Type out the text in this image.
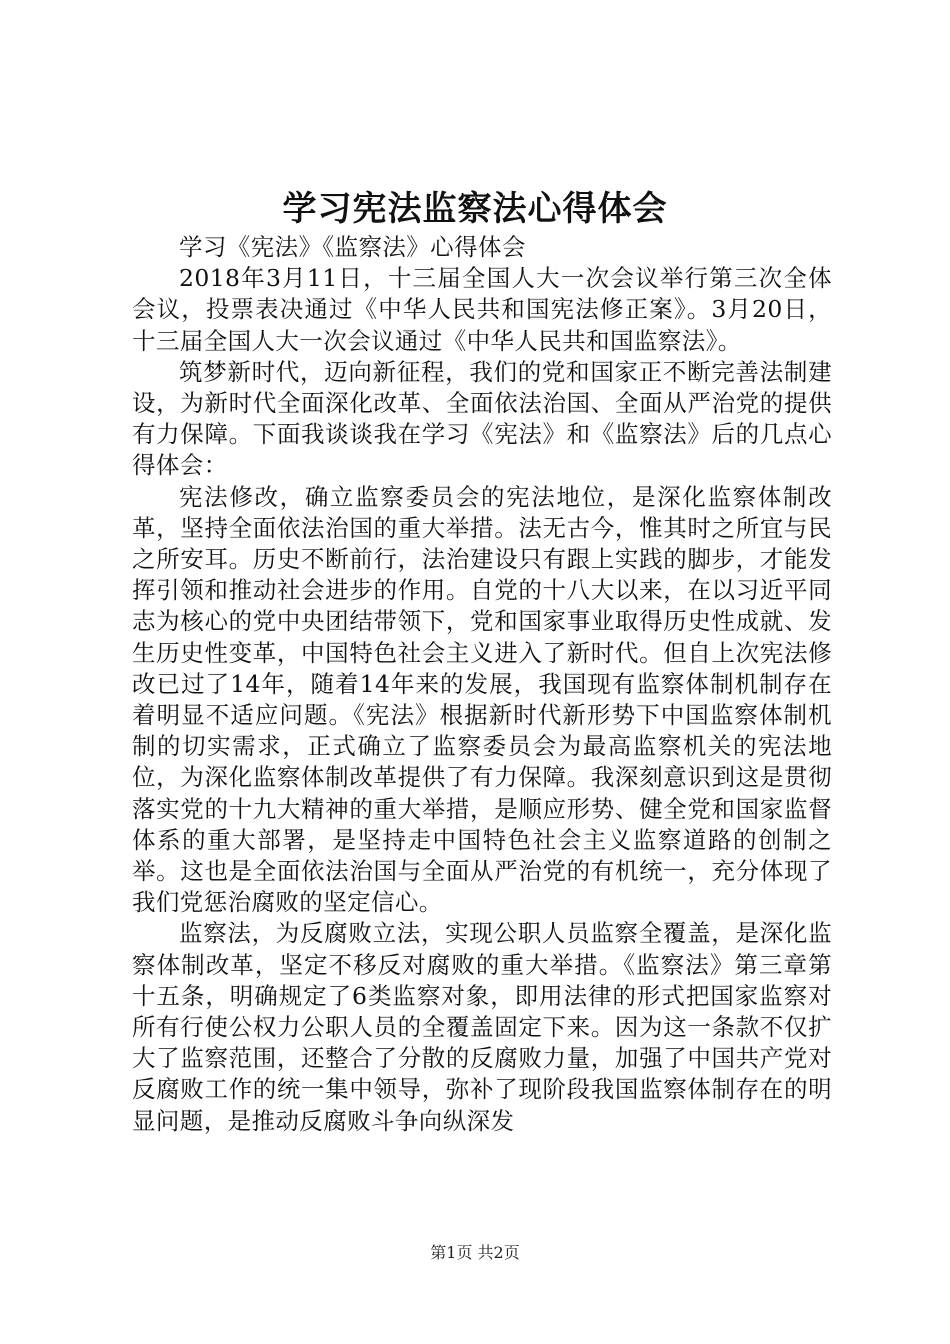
学习宪法监察法心得体会

学习《宪法》《监察法》心得体会

2018年3月11日，十三届全国人大一次会议举行第三次全体会议，投票表决通过《中华人民共和国宪法修正案》。3月20日，十三届全国人大一次会议通过《中华人民共和国监察法》。

筑梦新时代，迈向新征程，我们的党和国家正不断完善法制建设，为新时代全面深化改革、全面依法治国、全面从严治党的提供有力保障。下面我谈谈我在学习《宪法》和《监察法》后的几点心得体会：

宪法修改，确立监察委员会的宪法地位，是深化监察体制改革，坚持全面依法治国的重大举措。法无古今，惟其时之所宜与民之所安耳。历史不断前行，法治建设只有跟上实践的脚步，才能发挥引领和推动社会进步的作用。自党的十八大以来，在以习近平同志为核心的党中央团结带领下，党和国家事业取得历史性成就、发生历史性变革，中国特色社会主义进入了新时代。但自上次宪法修改已过了14年，随着14年来的发展，我国现有监察体制机制存在着明显不适应问题。《宪法》根据新时代新形势下中国监察体制机制的切实需求，正式确立了监察委员会为最高监察机关的宪法地位，为深化监察体制改革提供了有力保障。我深刻意识到这是贯彻落实党的十九大精神的重大举措，是顺应形势、健全党和国家监督体系的重大部署，是坚持走中国特色社会主义监察道路的创制之举。这也是全面依法治国与全面从严治党的有机统一，充分体现了我们党惩治腐败的坚定信心。

监察法，为反腐败立法，实现公职人员监察全覆盖，是深化监察体制改革，坚定不移反对腐败的重大举措。《监察法》第三章第十五条，明确规定了6类监察对象，即用法律的形式把国家监察对所有行使公权力公职人员的全覆盖固定下来。因为这一条款不仅扩大了监察范围，还整合了分散的反腐败力量，加强了中国共产党对反腐败工作的统一集中领导，弥补了现阶段我国监察体制存在的明显问题，是推动反腐败斗争向纵深发

第1页 共2页
